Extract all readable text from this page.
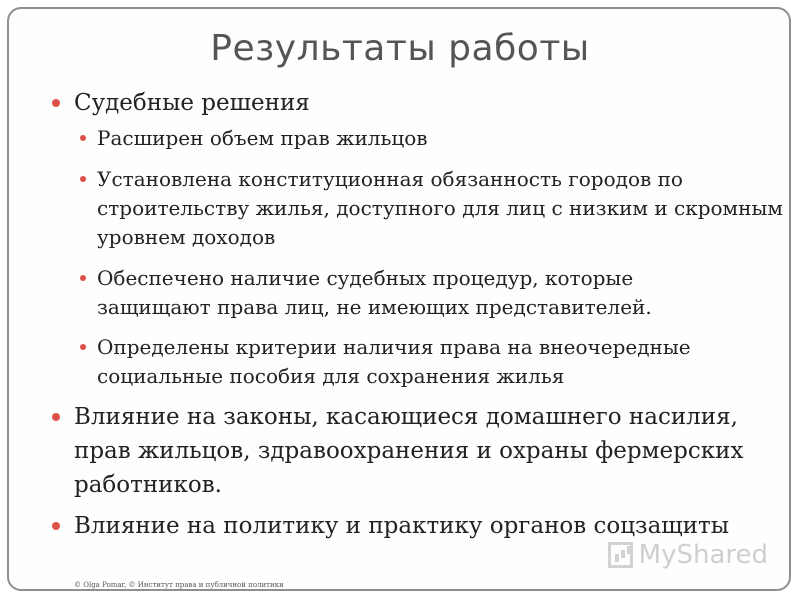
Результаты работы
Судебные решения
Расширен объем прав жильцов
Установлена конституционная обязанность городов по строительству жилья, доступного для лиц с низким и скромным уровнем доходов
Обеспечено наличие судебных процедур, которые защищают права лиц, не имеющих представителей.
Определены критерии наличия права на внеочередные социальные пособия для сохранения жилья
Влияние на законы, касающиеся домашнего насилия, прав жильцов, здравоохранения и охраны фермерских работников.
Влияние на политику и практику органов соцзащиты
MyShared
© Olga Pomar, © Институт права и публичной политики
